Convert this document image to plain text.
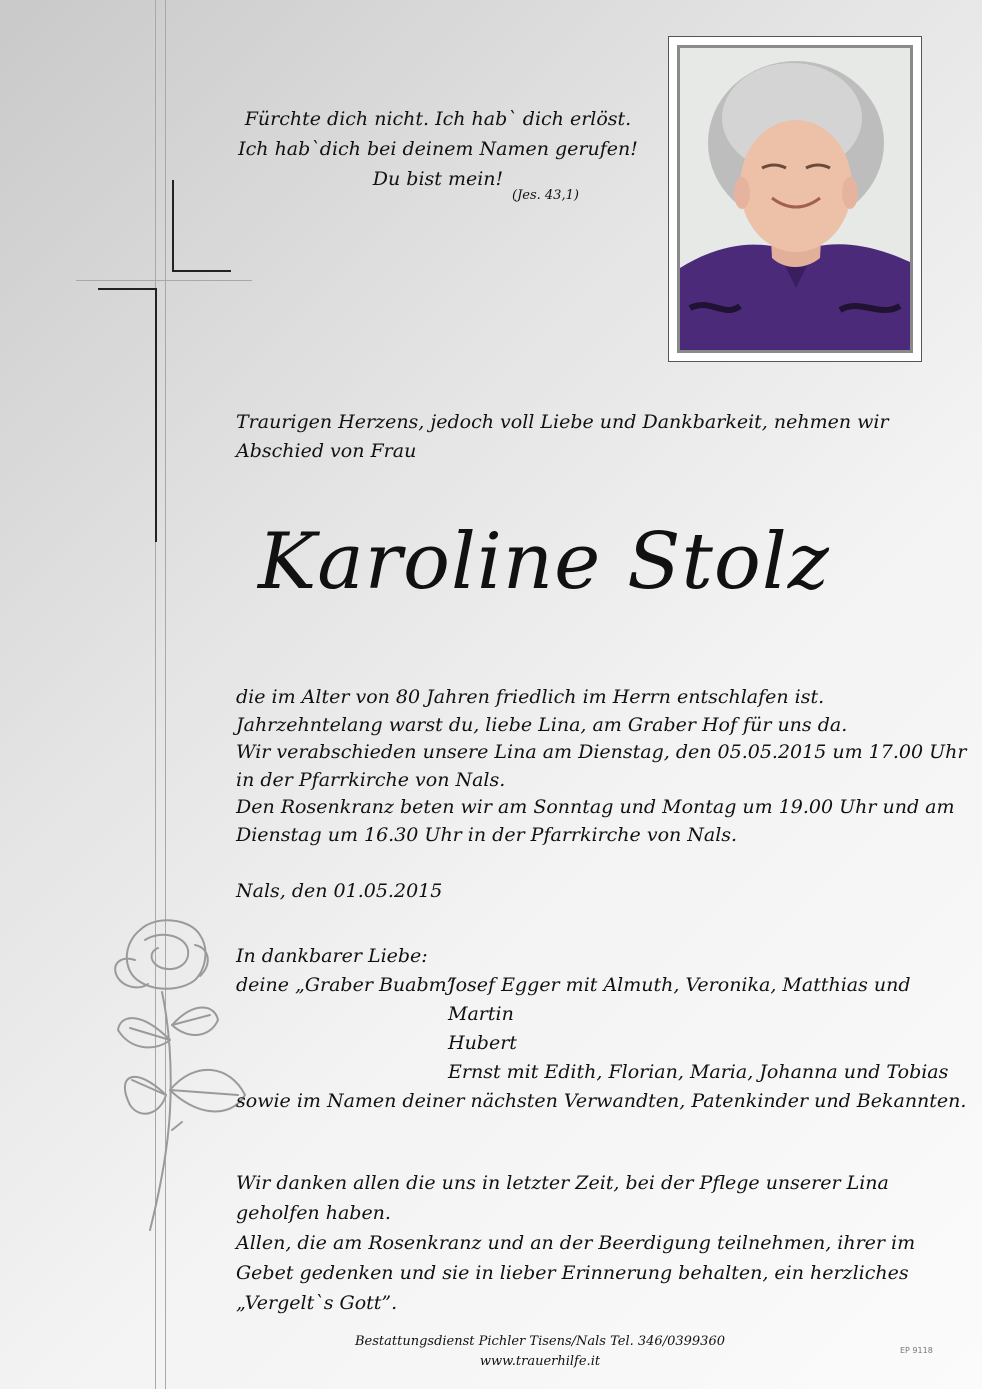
Fürchte dich nicht. Ich hab` dich erlöst.
Ich hab`dich bei deinem Namen gerufen!
Du bist mein!
(Jes. 43,1)
Traurigen Herzens, jedoch voll Liebe und Dankbarkeit, nehmen wir Abschied von Frau
Karoline Stolz
die im Alter von 80 Jahren friedlich im Herrn entschlafen ist.
Jahrzehntelang warst du, liebe Lina, am Graber Hof für uns da.
Wir verabschieden unsere Lina am Dienstag, den 05.05.2015 um 17.00 Uhr
in der Pfarrkirche von Nals.
Den Rosenkranz beten wir am Sonntag und Montag um 19.00 Uhr und am
Dienstag um 16.30 Uhr in der Pfarrkirche von Nals.
Nals, den 01.05.2015
In dankbarer Liebe:
deine „Graber Buabm”
Josef Egger mit Almuth, Veronika, Matthias und Martin
Hubert
Ernst mit Edith, Florian, Maria, Johanna und Tobias
sowie im Namen deiner nächsten Verwandten, Patenkinder und Bekannten.
Wir danken allen die uns in letzter Zeit, bei der Pflege unserer Lina geholfen haben.
Allen, die am Rosenkranz und an der Beerdigung teilnehmen, ihrer im Gebet gedenken und sie in lieber Erinnerung behalten, ein herzliches „Vergelt`s Gott”.
Bestattungsdienst Pichler Tisens/Nals Tel. 346/0399360
www.trauerhilfe.it
EP 9118
